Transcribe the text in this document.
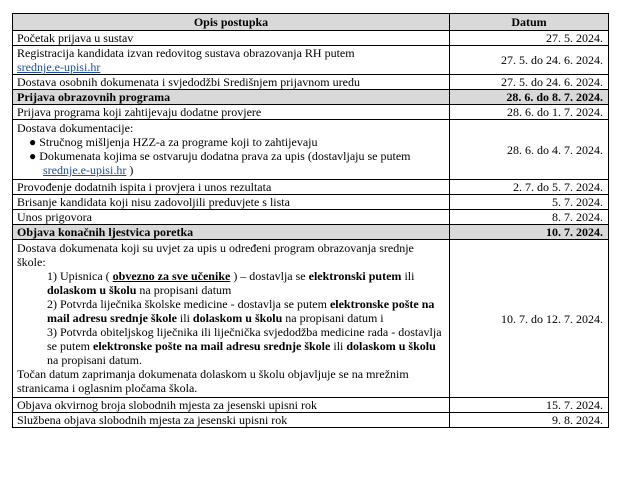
Opis postupka	Datum
Početak prijava u sustav	27. 5. 2024.
Registracija kandidata izvan redovitog sustava obrazovanja RH putem
srednje.e-upisi.hr	27. 5. do 24. 6. 2024.
Dostava osobnih dokumenata i svjedodžbi Središnjem prijavnom uredu	27. 5. do 24. 6. 2024.
Prijava obrazovnih programa	28. 6. do 8. 7. 2024.
Prijava programa koji zahtijevaju dodatne provjere	28. 6. do 1. 7. 2024.

Dostava dokumentacije:
● Stručnog mišljenja HZZ-a za programe koji to zahtijevaju
● Dokumenata kojima se ostvaruju dodatna prava za upis (dostavljaju se putem srednje.e-upisi.hr )	28. 6. do 4. 7. 2024.
Provođenje dodatnih ispita i provjera i unos rezultata	2. 7. do 5. 7. 2024.
Brisanje kandidata koji nisu zadovoljili preduvjete s lista	5. 7. 2024.
Unos prigovora	8. 7. 2024.
Objava konačnih ljestvica poretka	10. 7. 2024.

Dostava dokumenata koji su uvjet za upis u određeni program obrazovanja srednje škole:
1) Upisnica ( obvezno za sve učenike ) – dostavlja se elektronski putem ili dolaskom u školu na propisani datum
2) Potvrda liječnika školske medicine - dostavlja se putem elektronske pošte na mail adresu srednje škole ili dolaskom u školu na propisani datum i
3) Potvrda obiteljskog liječnika ili liječnička svjedodžba medicine rada - dostavlja se putem elektronske pošte na mail adresu srednje škole ili dolaskom u školu na propisani datum.
Točan datum zaprimanja dokumenata dolaskom u školu objavljuje se na mrežnim stranicama i oglasnim pločama škola.	10. 7. do 12. 7. 2024.
Objava okvirnog broja slobodnih mjesta za jesenski upisni rok	15. 7. 2024.
Službena objava slobodnih mjesta za jesenski upisni rok	9. 8. 2024.
